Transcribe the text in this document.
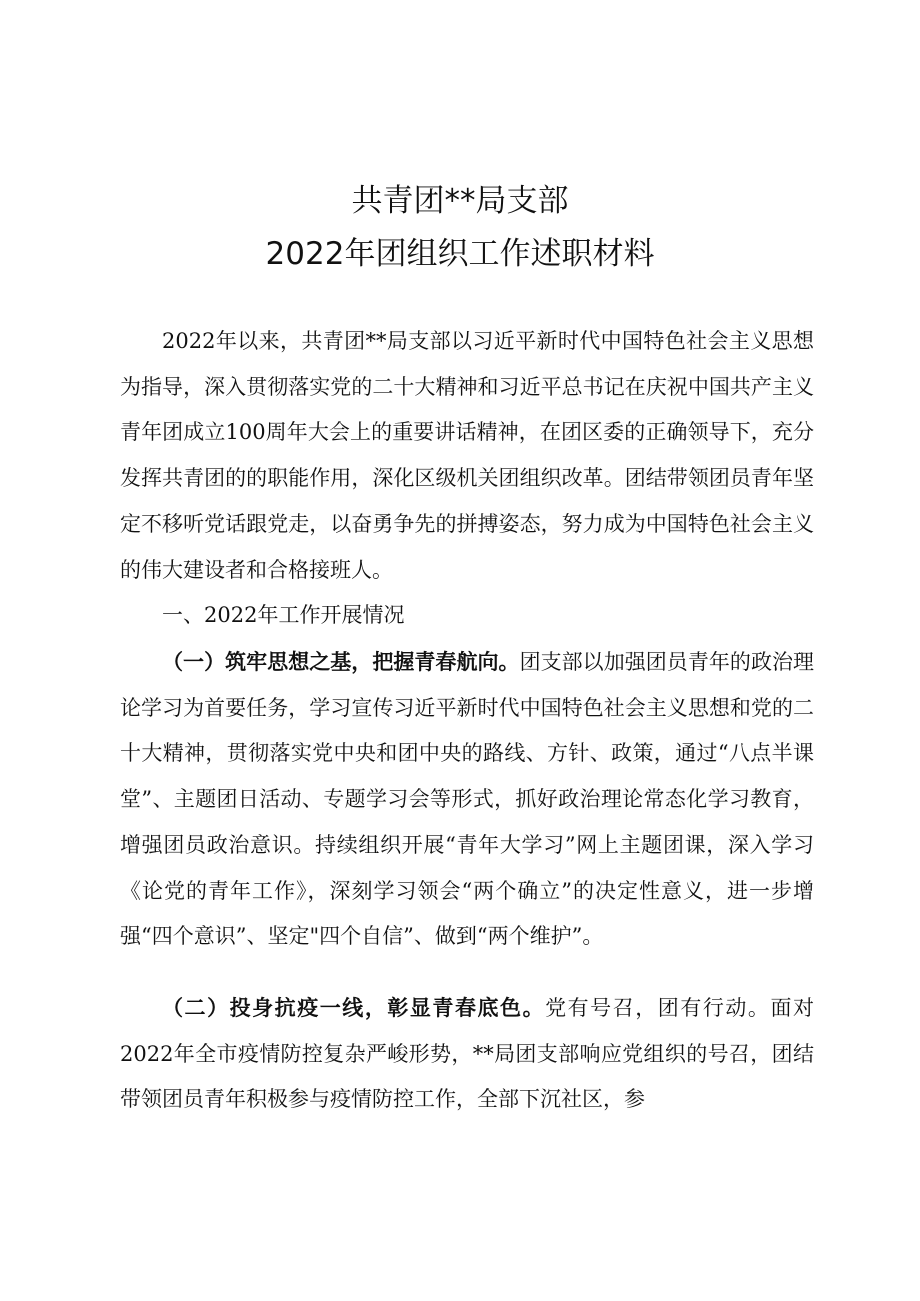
共青团**局支部
2022年团组织工作述职材料

2022年以来，共青团**局支部以习近平新时代中国特色社会主义思想为指导，深入贯彻落实党的二十大精神和习近平总书记在庆祝中国共产主义青年团成立100周年大会上的重要讲话精神，在团区委的正确领导下，充分发挥共青团的的职能作用，深化区级机关团组织改革。团结带领团员青年坚定不移听党话跟党走，以奋勇争先的拼搏姿态，努力成为中国特色社会主义的伟大建设者和合格接班人。

一、2022年工作开展情况

（一）筑牢思想之基，把握青春航向。团支部以加强团员青年的政治理论学习为首要任务，学习宣传习近平新时代中国特色社会主义思想和党的二十大精神，贯彻落实党中央和团中央的路线、方针、政策，通过“八点半课堂”、主题团日活动、专题学习会等形式，抓好政治理论常态化学习教育，增强团员政治意识。持续组织开展“青年大学习”网上主题团课，深入学习《论党的青年工作》，深刻学习领会“两个确立”的决定性意义，进一步增强“四个意识”、坚定"四个自信”、做到“两个维护”。

（二）投身抗疫一线，彰显青春底色。党有号召，团有行动。面对2022年全市疫情防控复杂严峻形势，**局团支部响应党组织的号召，团结带领团员青年积极参与疫情防控工作，全部下沉社区，参
